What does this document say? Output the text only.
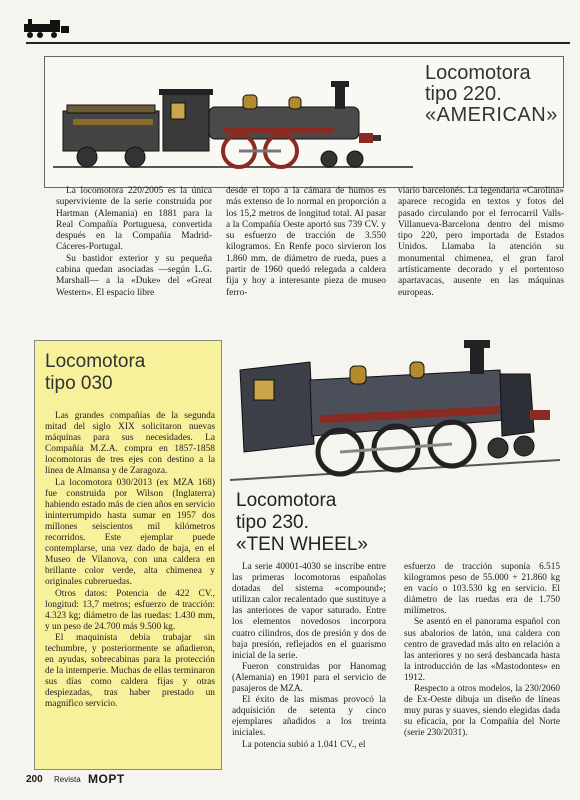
Locomotora
tipo 220.
«AMERICAN»

La locomotora 220/2005 es la única superviviente de la serie construida por Hartman (Alemania) en 1881 para la Real Compañía Portuguesa, convertida después en la Compañía Madrid-Cáceres-Portugal.

Su bastidor exterior y su pequeña cabina quedan asociadas —según L.G. Marshall— a la «Duke» del «Great Western». El espacio libre

desde el topo a la cámara de humos es más extenso de lo normal en proporción a los 15,2 metros de longitud total. Al pasar a la Compañía Oeste aportó sus 739 CV. y su esfuerzo de tracción de 3.550 kilogramos. En Renfe poco sirvieron los 1.860 mm. de diámetro de rueda, pues a partir de 1960 quedó relegada a caldera fija y hoy a interesante pieza de museo ferro-

viario barcelonés. La legendaria «Carolina» aparece recogida en textos y fotos del pasado circulando por el ferrocarril Valls-Villanueva-Barcelona dentro del mismo tipo 220, pero importada de Estados Unidos. Llamaba la atención su monumental chimenea, el gran farol artísticamente decorado y el portentoso apartavacas, ausente en las máquinas europeas.

Locomotora
tipo 030

Las grandes compañías de la segunda mitad del siglo XIX solicitaron nuevas máquinas para sus necesidades. La Compañía M.Z.A. compra en 1857-1858 locomotoras de tres ejes con destino a la línea de Almansa y de Zaragoza.

La locomotora 030/2013 (ex MZA 168) fue construida por Wilson (Inglaterra) habiendo estado más de cien años en servicio ininterrumpido hasta sumar en 1957 dos millones seiscientos mil kilómetros recorridos. Este ejemplar puede contemplarse, una vez dado de baja, en el Museo de Vilanova, con una caldera en brillante color verde, alta chimenea y originales cubreruedas.

Otros datos: Potencia de 422 CV., longitud: 13,7 metros; esfuerzo de tracción: 4.323 kg; diámetro de las ruedas: 1.430 mm, y un peso de 24.700 más 9.500 kg.

El maquinista debía trabajar sin techumbre, y posteriormente se añadieron, en ayudas, sobrecabinas para la protección de la intemperie. Muchas de ellas terminaron sus días como caldera fijas y otras despiezadas, tras haber prestado un magnífico servicio.

Locomotora
tipo 230.
«TEN WHEEL»

La serie 40001-4030 se inscribe entre las primeras locomotoras españolas dotadas del sistema «compound»; utilizan calor recalentado que sustituye a las anteriores de vapor saturado. Entre los elementos novedosos incorpora cuatro cilindros, dos de presión y dos de baja presión, reflejados en el guarismo inicial de la serie.

Fueron construidas por Hanomag (Alemania) en 1901 para el servicio de pasajeros de MZA.

El éxito de las mismas provocó la adquisición de setenta y cinco ejemplares añadidos a los treinta iniciales.

La potencia subió a 1.041 CV., el

esfuerzo de tracción suponía 6.515 kilogramos peso de 55.000 + 21.860 kg en vacío o 103.530 kg en servicio. El diámetro de las ruedas era de 1.750 milímetros.

Se asentó en el panorama español con sus abalorios de latón, una caldera con centro de gravedad más alto en relación a las anteriores y no será desbancada hasta la introducción de las «Mastodontes» en 1912.

Respecto a otros modelos, la 230/2060 de Ex-Oeste dibuja un diseño de líneas muy puras y suaves, siendo elegidas dada su eficacia, por la Compañía del Norte (serie 230/2031).

200 Revista MOPT
